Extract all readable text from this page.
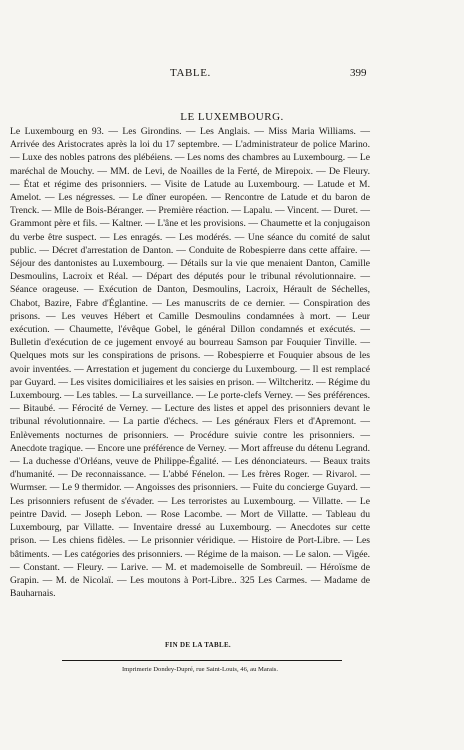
TABLE.	399
LE LUXEMBOURG.

Le Luxembourg en 93. — Les Girondins. — Les Anglais. — Miss Maria Williams. — Arrivée des Aristocrates après la loi du 17 septembre. — L'administrateur de police Marino. — Luxe des nobles patrons des plébéiens. — Les noms des chambres au Luxembourg. — Le maréchal de Mouchy. — MM. de Levi, de Noailles de la Ferté, de Mirepoix. — De Fleury. — État et régime des prisonniers. — Visite de Latude au Luxembourg. — Latude et M. Amelot. — Les négresses. — Le dîner européen. — Rencontre de Latude et du baron de Trenck. — Mlle de Bois-Béranger. — Première réaction. — Lapalu. — Vincent. — Duret. — Grammont père et fils. — Kaltner. — L'âne et les provisions. — Chaumette et la conjugaison du verbe être suspect. — Les enragés. — Les modérés. — Une séance du comité de salut public. — Décret d'arrestation de Danton. — Conduite de Robespierre dans cette affaire. — Séjour des dantonistes au Luxembourg. — Détails sur la vie que menaient Danton, Camille Desmoulins, Lacroix et Réal. — Départ des députés pour le tribunal révolutionnaire. — Séance orageuse. — Exécution de Danton, Desmoulins, Lacroix, Hérault de Séchelles, Chabot, Bazire, Fabre d'Églantine. — Les manuscrits de ce dernier. — Conspiration des prisons. — Les veuves Hébert et Camille Desmoulins condamnées à mort. — Leur exécution. — Chaumette, l'évêque Gobel, le général Dillon condamnés et exécutés. — Bulletin d'exécution de ce jugement envoyé au bourreau Samson par Fouquier Tinville. — Quelques mots sur les conspirations de prisons. — Robespierre et Fouquier absous de les avoir inventées. — Arrestation et jugement du concierge du Luxembourg. — Il est remplacé par Guyard. — Les visites domiciliaires et les saisies en prison. — Wiltcheritz. — Régime du Luxembourg. — Les tables. — La surveillance. — Le porte-clefs Verney. — Ses préférences. — Bitaubé. — Férocité de Verney. — Lecture des listes et appel des prisonniers devant le tribunal révolutionnaire. — La partie d'échecs. — Les généraux Flers et d'Apremont. — Enlèvements nocturnes de prisonniers. — Procédure suivie contre les prisonniers. — Anecdote tragique. — Encore une préférence de Verney. — Mort affreuse du détenu Legrand. — La duchesse d'Orléans, veuve de Philippe-Égalité. — Les dénonciateurs. — Beaux traits d'humanité. — De reconnaissance. — L'abbé Fénelon. — Les frères Roger. — Rivarol. — Wurmser. — Le 9 thermidor. — Angoisses des prisonniers. — Fuite du concierge Guyard. — Les prisonniers refusent de s'évader. — Les terroristes au Luxembourg. — Villatte. — Le peintre David. — Joseph Lebon. — Rose Lacombe. — Mort de Villatte. — Tableau du Luxembourg, par Villatte. — Inventaire dressé au Luxembourg. — Anecdotes sur cette prison. — Les chiens fidèles. — Le prisonnier véridique. — Histoire de Port-Libre. — Les bâtiments. — Les catégories des prisonniers. — Régime de la maison. — Le salon. — Vigée. — Constant. — Fleury. — Larive. — M. et mademoiselle de Sombreuil. — Héroïsme de Grapin. — M. de Nicolaï. — Les moutons à Port-Libre.. 325 Les Carmes. — Madame de Bauharnais.

FIN DE LA TABLE.
Imprimerie Dondey-Dupré, rue Saint-Louis, 46, au Marais.
